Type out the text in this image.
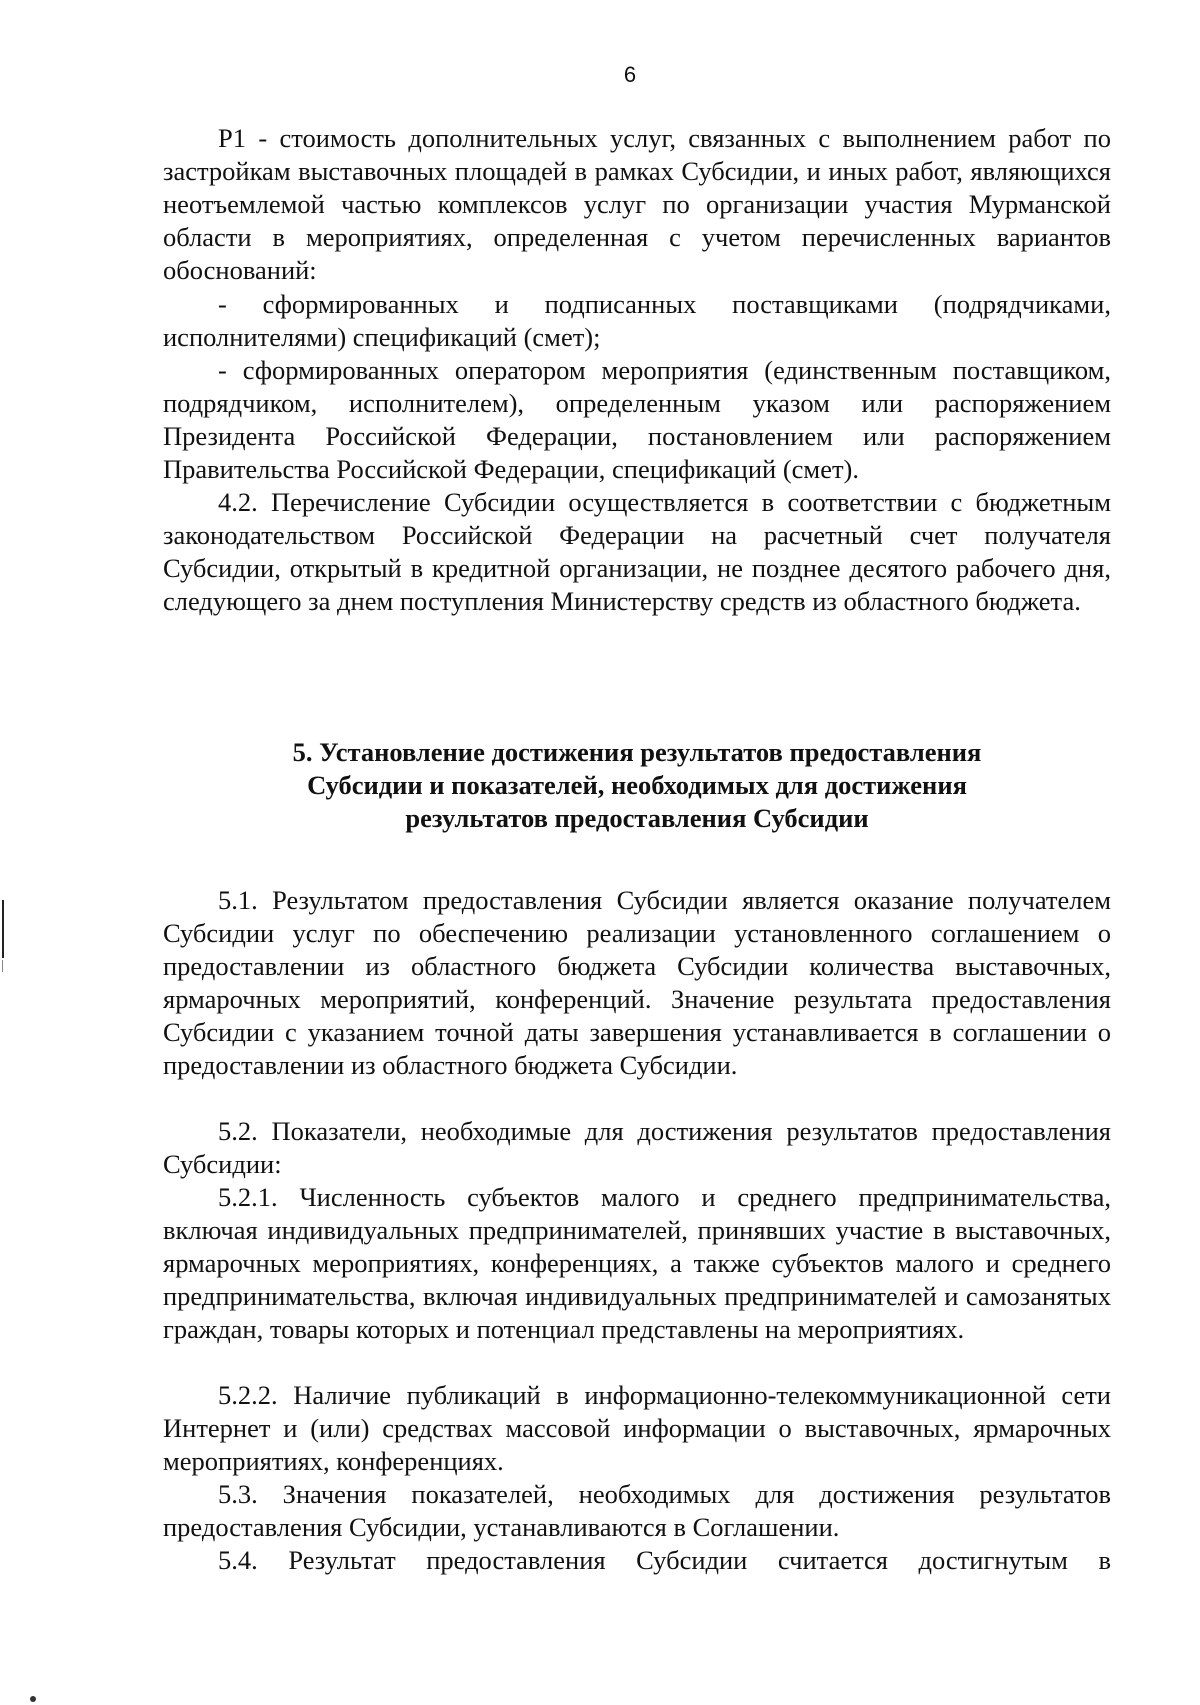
6

Р1 - стоимость дополнительных услуг, связанных с выполнением работ по застройкам выставочных площадей в рамках Субсидии, и иных работ, являющихся неотъемлемой частью комплексов услуг по организации участия Мурманской области в мероприятиях, определенная с учетом перечисленных вариантов обоснований:

- сформированных и подписанных поставщиками (подрядчиками, исполнителями) спецификаций (смет);

- сформированных оператором мероприятия (единственным поставщиком, подрядчиком, исполнителем), определенным указом или распоряжением Президента Российской Федерации, постановлением или распоряжением Правительства Российской Федерации, спецификаций (смет).

4.2. Перечисление Субсидии осуществляется в соответствии с бюджетным законодательством Российской Федерации на расчетный счет получателя Субсидии, открытый в кредитной организации, не позднее десятого рабочего дня, следующего за днем поступления Министерству средств из областного бюджета.

5. Установление достижения результатов предоставления
Субсидии и показателей, необходимых для достижения
результатов предоставления Субсидии

5.1. Результатом предоставления Субсидии является оказание получателем Субсидии услуг по обеспечению реализации установленного соглашением о предоставлении из областного бюджета Субсидии количества выставочных, ярмарочных мероприятий, конференций. Значение результата предоставления Субсидии с указанием точной даты завершения устанавливается в соглашении о предоставлении из областного бюджета Субсидии.

5.2. Показатели, необходимые для достижения результатов предоставления Субсидии:

5.2.1. Численность субъектов малого и среднего предпринимательства, включая индивидуальных предпринимателей, принявших участие в выставочных, ярмарочных мероприятиях, конференциях, а также субъектов малого и среднего предпринимательства, включая индивидуальных предпринимателей и самозанятых граждан, товары которых и потенциал представлены на мероприятиях.

5.2.2. Наличие публикаций в информационно-телекоммуникационной сети Интернет и (или) средствах массовой информации о выставочных, ярмарочных мероприятиях, конференциях.

5.3. Значения показателей, необходимых для достижения результатов предоставления Субсидии, устанавливаются в Соглашении.

5.4. Результат предоставления Субсидии считается достигнутым в
